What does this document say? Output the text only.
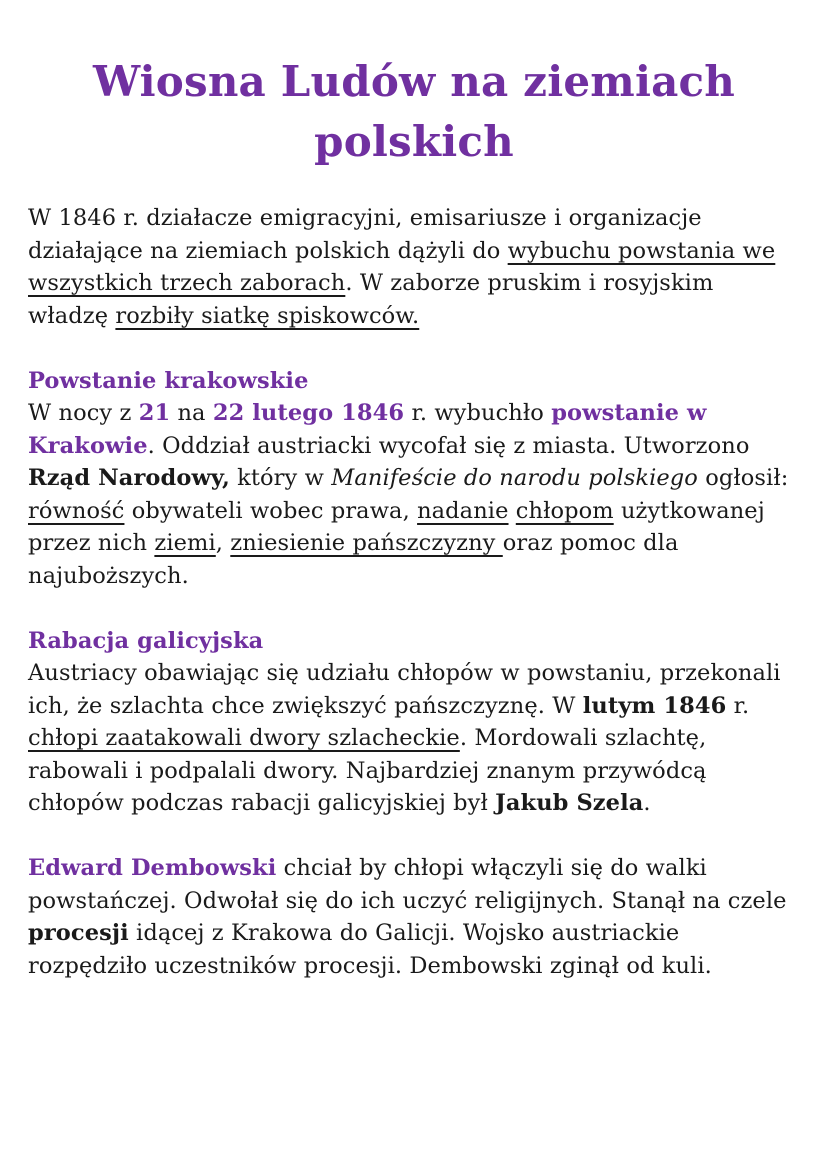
Wiosna Ludów na ziemiach polskich

W 1846 r. działacze emigracyjni, emisariusze i organizacje działające na ziemiach polskich dążyli do wybuchu powstania we wszystkich trzech zaborach. W zaborze pruskim i rosyjskim władzę rozbiły siatkę spiskowców.

Powstanie krakowskie

W nocy z 21 na 22 lutego 1846 r. wybuchło powstanie w Krakowie. Oddział austriacki wycofał się z miasta. Utworzono Rząd Narodowy, który w Manifeście do narodu polskiego ogłosił: równość obywateli wobec prawa, nadanie chłopom użytkowanej przez nich ziemi, zniesienie pańszczyzny oraz pomoc dla najuboższych.

Rabacja galicyjska

Austriacy obawiając się udziału chłopów w powstaniu, przekonali ich, że szlachta chce zwiększyć pańszczyznę. W lutym 1846 r. chłopi zaatakowali dwory szlacheckie. Mordowali szlachtę, rabowali i podpalali dwory. Najbardziej znanym przywódcą chłopów podczas rabacji galicyjskiej był Jakub Szela.

Edward Dembowski chciał by chłopi włączyli się do walki powstańczej. Odwołał się do ich uczyć religijnych. Stanął na czele procesji idącej z Krakowa do Galicji. Wojsko austriackie rozpędziło uczestników procesji. Dembowski zginął od kuli.
